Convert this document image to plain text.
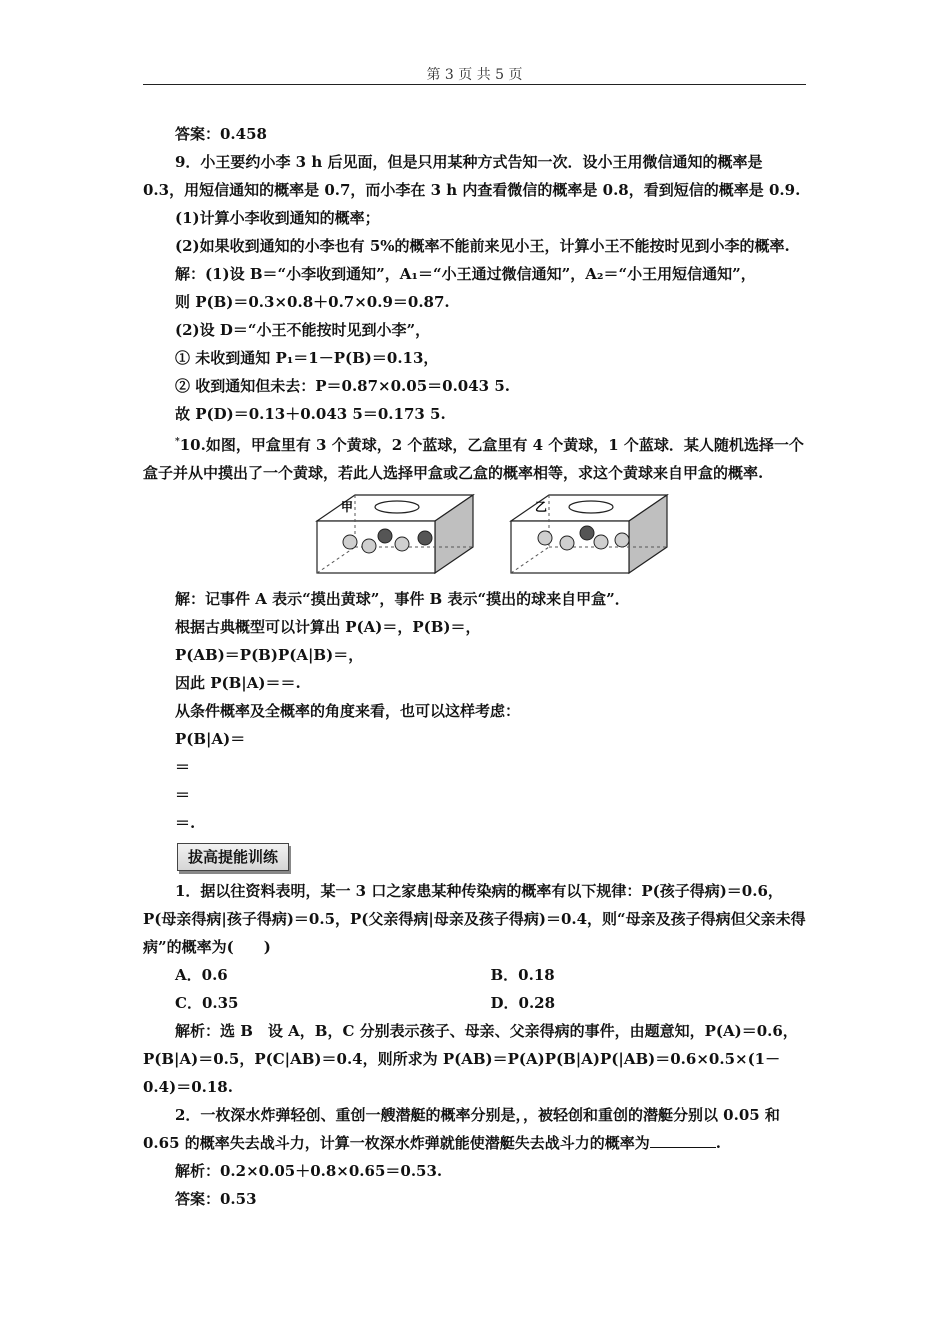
第 3 页 共 5 页

答案：0.458

9．小王要约小李 3 h 后见面，但是只用某种方式告知一次．设小王用微信通知的概率是 0.3，用短信通知的概率是 0.7，而小李在 3 h 内查看微信的概率是 0.8，看到短信的概率是 0.9.

(1)计算小李收到通知的概率；

(2)如果收到通知的小李也有 5%的概率不能前来见小王，计算小王不能按时见到小李的概率.

解：(1)设 B＝“小李收到通知”，A₁＝“小王通过微信通知”，A₂＝“小王用短信通知”，

则 P(B)＝0.3×0.8＋0.7×0.9＝0.87.

(2)设 D＝“小王不能按时见到小李”，

① 未收到通知 P₁＝1－P(B)＝0.13，

② 收到通知但未去：P＝0.87×0.05＝0.043 5.

故 P(D)＝0.13＋0.043 5＝0.173 5.

*10.如图，甲盒里有 3 个黄球，2 个蓝球，乙盒里有 4 个黄球，1 个蓝球．某人随机选择一个盒子并从中摸出了一个黄球，若此人选择甲盒或乙盒的概率相等，求这个黄球来自甲盒的概率.

甲	乙

解：记事件 A 表示“摸出黄球”，事件 B 表示“摸出的球来自甲盒”．

根据古典概型可以计算出 P(A)＝，P(B)＝，

P(AB)＝P(B)P(A|B)＝，

因此 P(B|A)＝＝.

从条件概率及全概率的角度来看，也可以这样考虑：

P(B|A)＝

＝

＝

＝.

拔高提能训练

1．据以往资料表明，某一 3 口之家患某种传染病的概率有以下规律：P(孩子得病)＝0.6，P(母亲得病|孩子得病)＝0.5，P(父亲得病|母亲及孩子得病)＝0.4，则“母亲及孩子得病但父亲未得病”的概率为(　　)

A．0.6	B．0.18
C．0.35	D．0.28

解析：选 B　设 A，B，C 分别表示孩子、母亲、父亲得病的事件，由题意知，P(A)＝0.6，P(B|A)＝0.5，P(C|AB)＝0.4，则所求为 P(AB)＝P(A)P(B|A)P(|AB)＝0.6×0.5×(1－0.4)＝0.18.

2．一枚深水炸弹轻创、重创一艘潜艇的概率分别是，，被轻创和重创的潜艇分别以 0.05 和 0.65 的概率失去战斗力，计算一枚深水炸弹就能使潜艇失去战斗力的概率为	.

解析：0.2×0.05＋0.8×0.65＝0.53.

答案：0.53
